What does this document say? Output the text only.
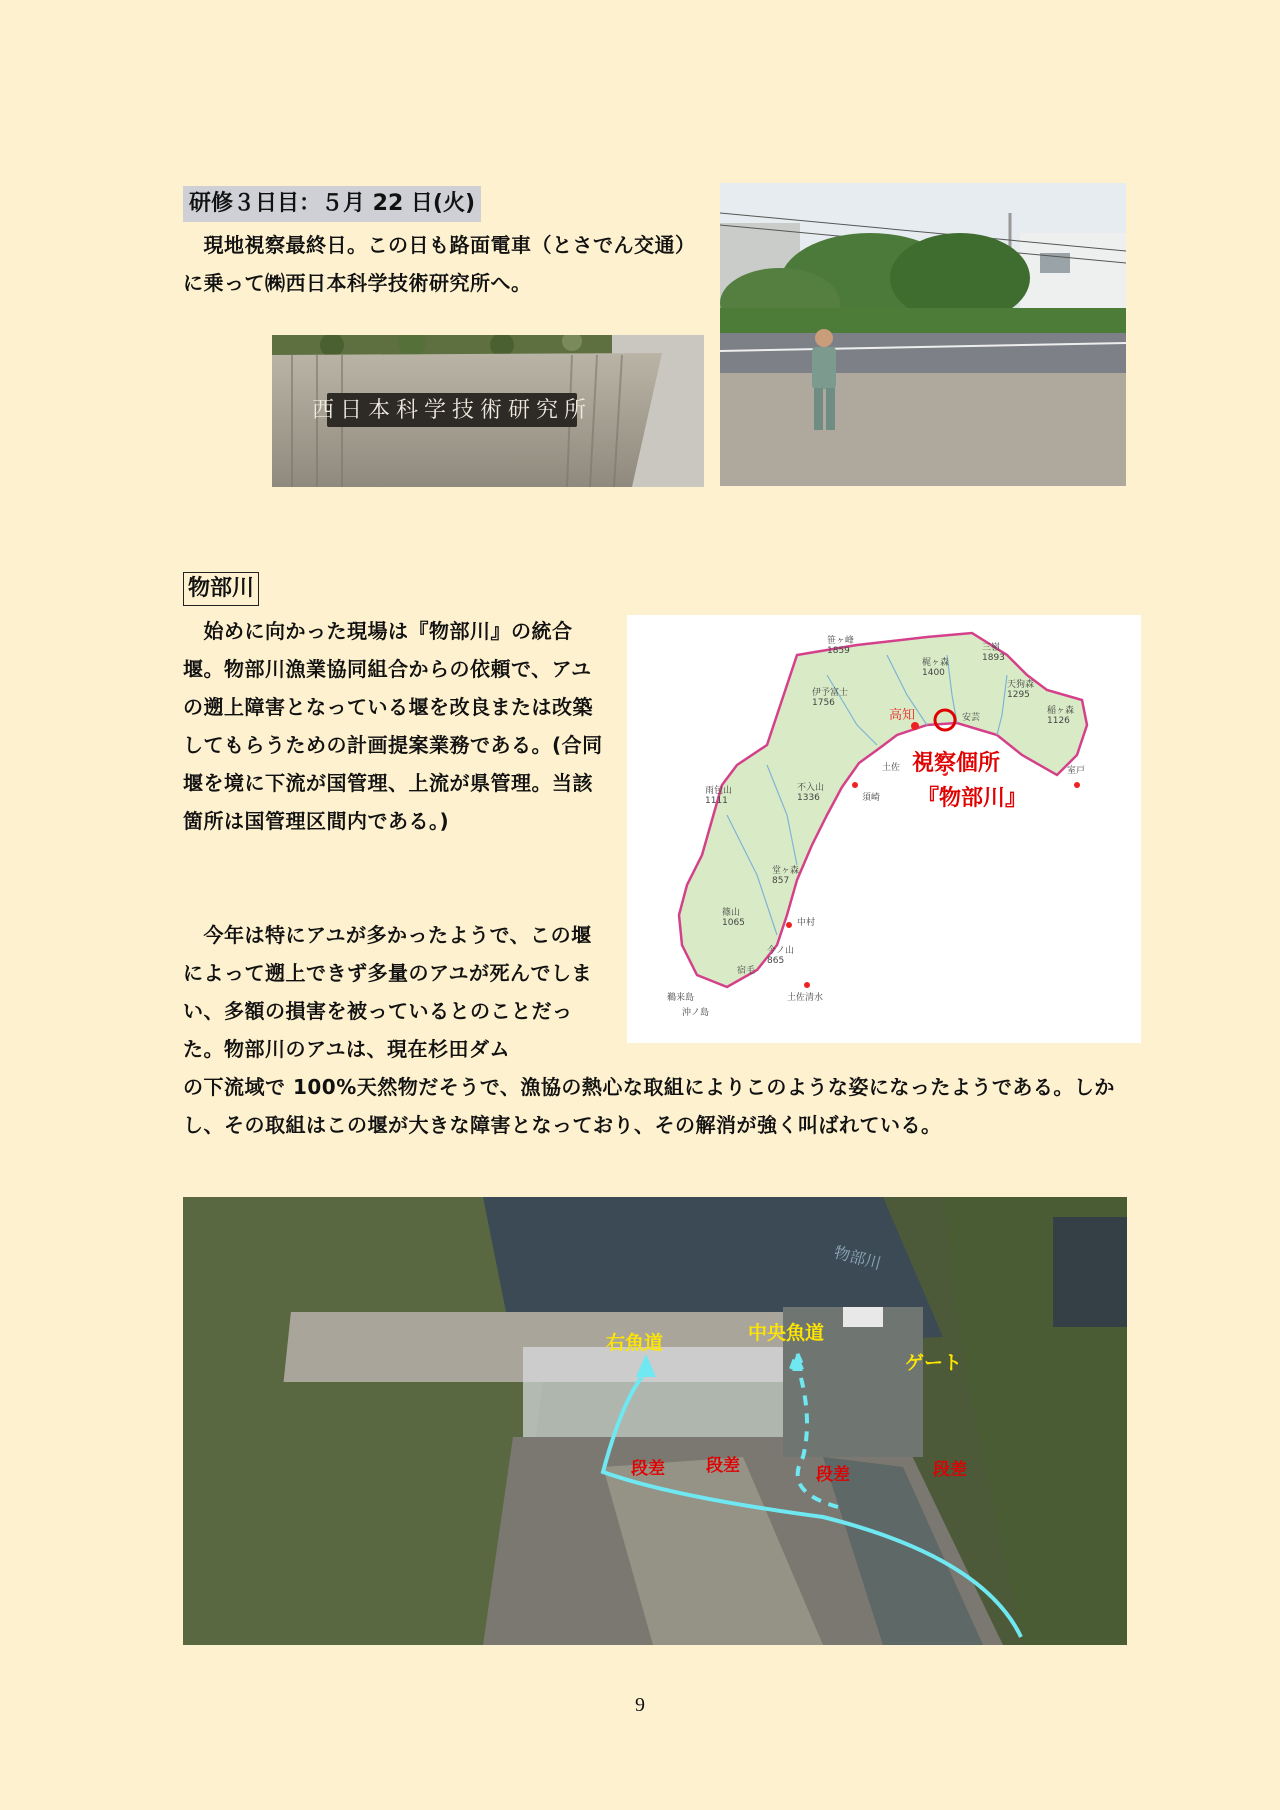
研修３日目：５月 22 日(火)
　現地視察最終日。この日も路面電車（とさでん交通）に乗って㈱西日本科学技術研究所へ。
西日本科学技術研究所
物部川
　始めに向かった現場は『物部川』の統合堰。物部川漁業協同組合からの依頼で、アユの遡上障害となっている堰を改良または改築してもらうための計画提案業務である。(合同堰を境に下流が国管理、上流が県管理。当該箇所は国管理区間内である。)
　今年は特にアユが多かったようで、この堰によって遡上できず多量のアユが死んでしまい、多額の損害を被っているとのことだった。物部川のアユは、現在杉田ダム
の下流域で 100%天然物だそうで、漁協の熱心な取組によりこのような姿になったようである。しかし、その取組はこの堰が大きな障害となっており、その解消が強く叫ばれている。
笹ヶ峰 1859
梶ヶ森 1400
三嶺 1893
伊予富士 1756
天狗森 1295
稲ヶ森 1126
雨包山 1111
不入山 1336
室戸
堂ヶ森 857
篠山 1065
今ノ山 865
中村
宿毛
土佐清水
鵜来島
沖ノ島
土佐
須崎
安芸
高知
視察個所
『物部川』
物部川
右魚道	中央魚道
ゲート
段差 段差	段差	段差
9
